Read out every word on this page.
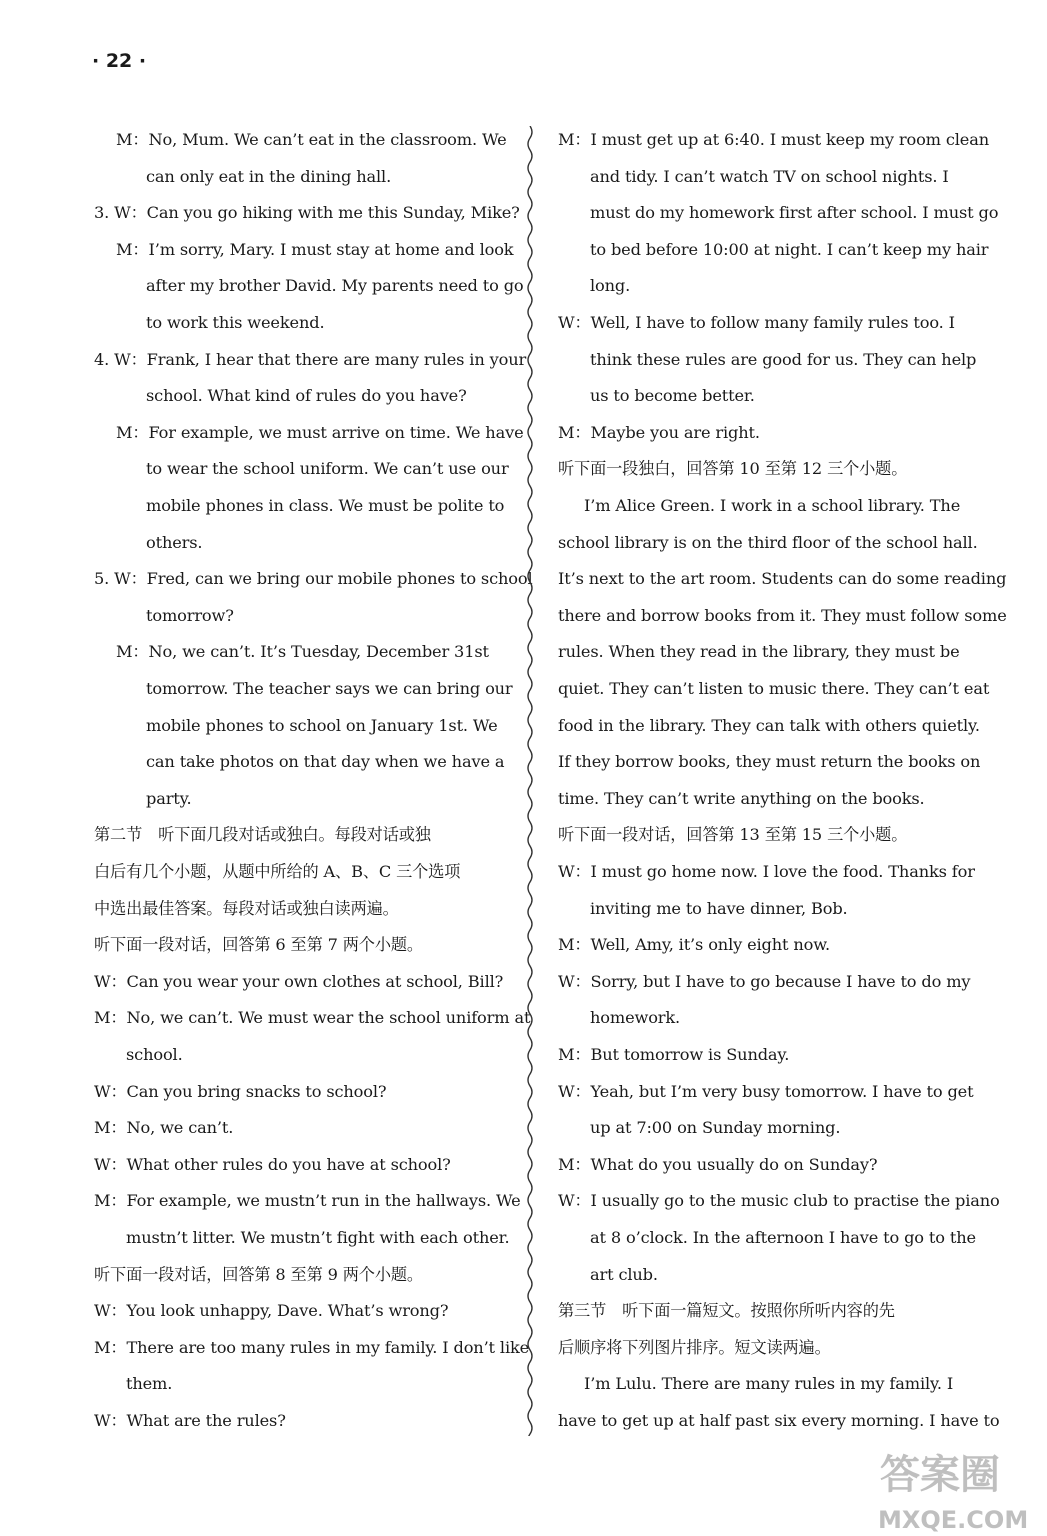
· 22 ·
M：No, Mum. We can’t eat in the classroom. We
can only eat in the dining hall.
3. W：Can you go hiking with me this Sunday, Mike?
M：I’m sorry, Mary. I must stay at home and look
after my brother David. My parents need to go
to work this weekend.
4. W：Frank, I hear that there are many rules in your
school. What kind of rules do you have?
M：For example, we must arrive on time. We have
to wear the school uniform. We can’t use our
mobile phones in class. We must be polite to
others.
5. W：Fred, can we bring our mobile phones to school
tomorrow?
M：No, we can’t. It’s Tuesday, December 31st
tomorrow. The teacher says we can bring our
mobile phones to school on January 1st. We
can take photos on that day when we have a
party.
第二节　听下面几段对话或独白。每段对话或独
白后有几个小题，从题中所给的 A、B、C 三个选项
中选出最佳答案。每段对话或独白读两遍。
听下面一段对话，回答第 6 至第 7 两个小题。
W：Can you wear your own clothes at school, Bill?
M：No, we can’t. We must wear the school uniform at
school.
W：Can you bring snacks to school?
M：No, we can’t.
W：What other rules do you have at school?
M：For example, we mustn’t run in the hallways. We
mustn’t litter. We mustn’t fight with each other.
听下面一段对话，回答第 8 至第 9 两个小题。
W：You look unhappy, Dave. What’s wrong?
M：There are too many rules in my family. I don’t like
them.
W：What are the rules?
M：I must get up at 6:40. I must keep my room clean
and tidy. I can’t watch TV on school nights. I
must do my homework first after school. I must go
to bed before 10:00 at night. I can’t keep my hair
long.
W：Well, I have to follow many family rules too. I
think these rules are good for us. They can help
us to become better.
M：Maybe you are right.
听下面一段独白，回答第 10 至第 12 三个小题。
I’m Alice Green. I work in a school library. The
school library is on the third floor of the school hall.
It’s next to the art room. Students can do some reading
there and borrow books from it. They must follow some
rules. When they read in the library, they must be
quiet. They can’t listen to music there. They can’t eat
food in the library. They can talk with others quietly.
If they borrow books, they must return the books on
time. They can’t write anything on the books.
听下面一段对话，回答第 13 至第 15 三个小题。
W：I must go home now. I love the food. Thanks for
inviting me to have dinner, Bob.
M：Well, Amy, it’s only eight now.
W：Sorry, but I have to go because I have to do my
homework.
M：But tomorrow is Sunday.
W：Yeah, but I’m very busy tomorrow. I have to get
up at 7:00 on Sunday morning.
M：What do you usually do on Sunday?
W：I usually go to the music club to practise the piano
at 8 o’clock. In the afternoon I have to go to the
art club.
第三节　听下面一篇短文。按照你所听内容的先
后顺序将下列图片排序。短文读两遍。
I’m Lulu. There are many rules in my family. I
have to get up at half past six every morning. I have to
答案圈
MXQE.COM
